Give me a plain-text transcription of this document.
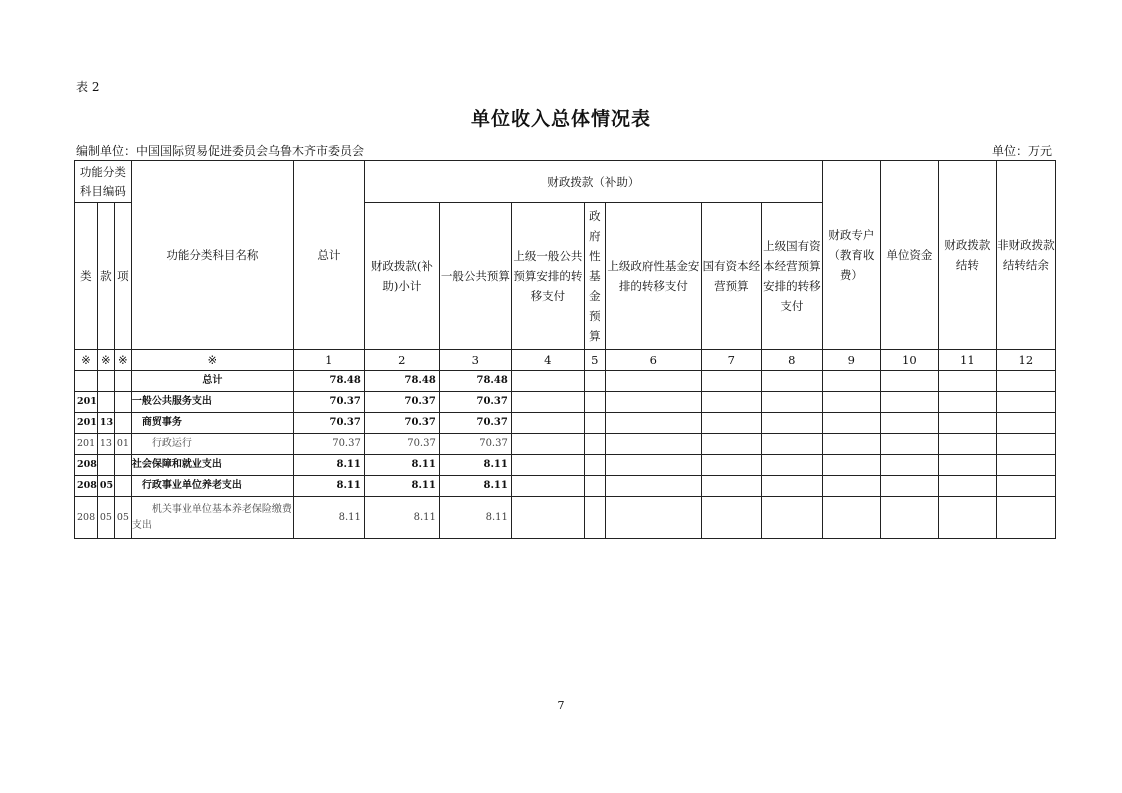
表 2
单位收入总体情况表
编制单位：中国国际贸易促进委员会乌鲁木齐市委员会	单位：万元
功能分类科目编码			功能分类科目名称	总计	财政拨款（补助）							财政专户（教育收费）	单位资金	财政拨款结转	非财政拨款结转结余
类	款	项			财政拨款(补助)小计	一般公共预算	上级一般公共预算安排的转移支付	政府性基金预算	上级政府性基金安排的转移支付	国有资本经营预算	上级国有资本经营预算安排的转移支付				
※	※	※	※	1	2	3	4	5	6	7	8	9	10	11	12
			总计	78.48	78.48	78.48									
201			一般公共服务支出	70.37	70.37	70.37									
201	13		商贸事务	70.37	70.37	70.37									
201	13	01	行政运行	70.37	70.37	70.37									
208			社会保障和就业支出	8.11	8.11	8.11									
208	05		行政事业单位养老支出	8.11	8.11	8.11									
208	05	05	机关事业单位基本养老保险缴费支出	8.11	8.11	8.11									
7
